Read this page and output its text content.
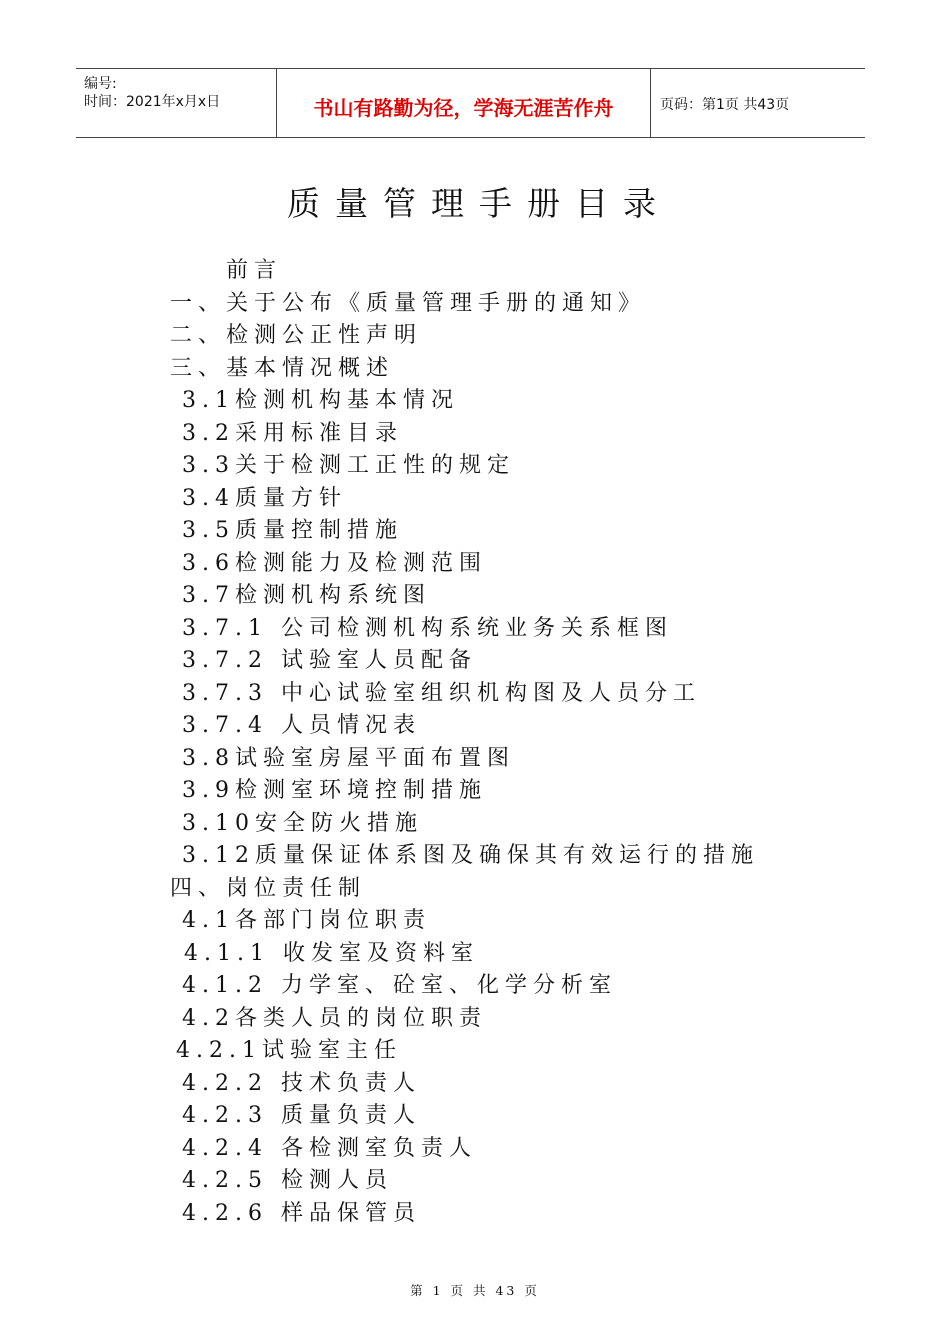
编号:
时间：2021年x月x日	书山有路勤为径，学海无涯苦作舟	页码：第1页 共43页
质量管理手册目录
前言
一、关于公布《质量管理手册的通知》
二、检测公正性声明
三、基本情况概述
3.1检测机构基本情况
3.2采用标准目录
3.3关于检测工正性的规定
3.4质量方针
3.5质量控制措施
3.6检测能力及检测范围
3.7检测机构系统图
3.7.1 公司检测机构系统业务关系框图
3.7.2 试验室人员配备
3.7.3 中心试验室组织机构图及人员分工
3.7.4 人员情况表
3.8试验室房屋平面布置图
3.9检测室环境控制措施
3.10安全防火措施
3.12质量保证体系图及确保其有效运行的措施
四、岗位责任制
4.1各部门岗位职责
4.1.1 收发室及资料室
4.1.2 力学室、砼室、化学分析室
4.2各类人员的岗位职责
4.2.1试验室主任
4.2.2 技术负责人
4.2.3 质量负责人
4.2.4 各检测室负责人
4.2.5 检测人员
4.2.6 样品保管员
第 1 页 共 43 页
